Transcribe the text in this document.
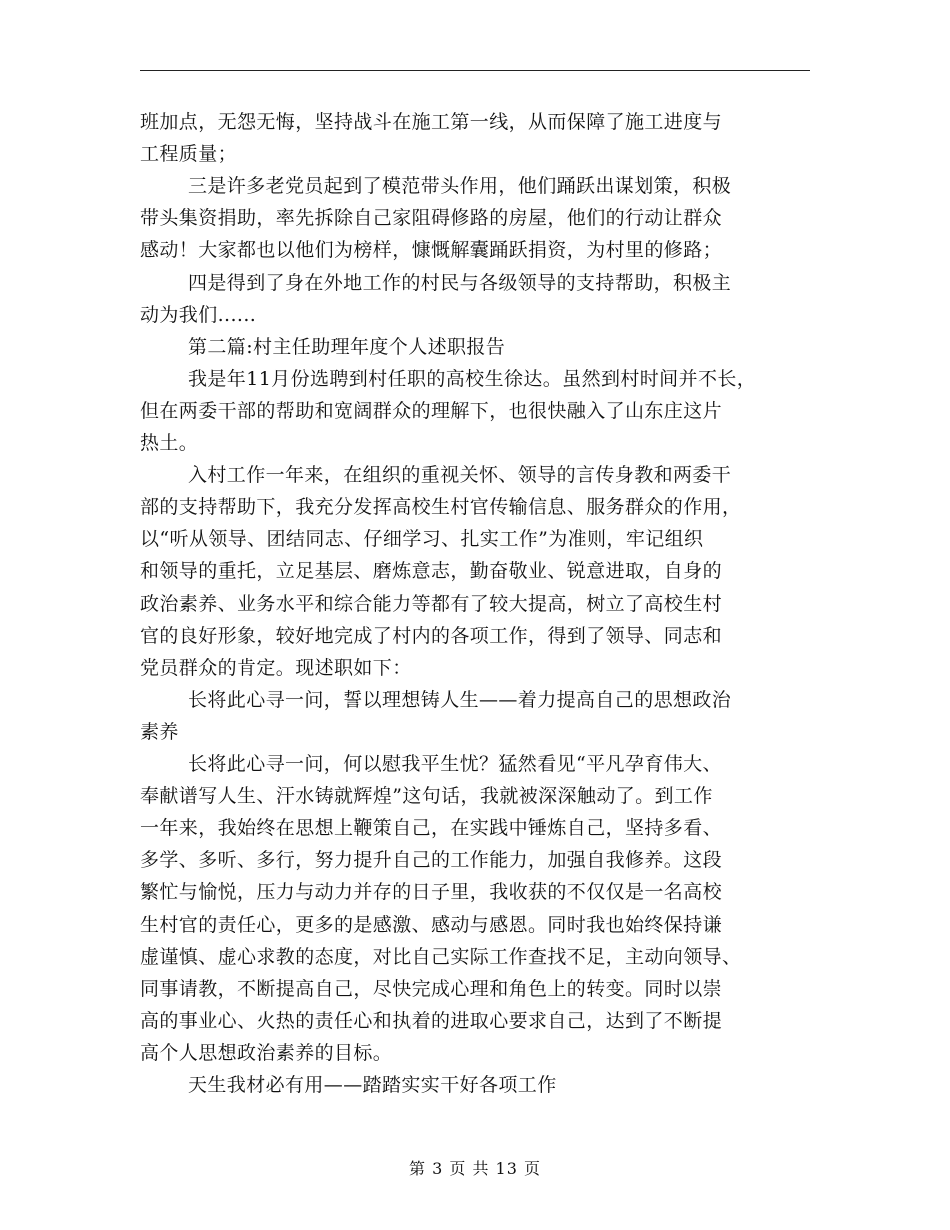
班加点，无怨无悔，坚持战斗在施工第一线，从而保障了施工进度与
工程质量；
三是许多老党员起到了模范带头作用，他们踊跃出谋划策，积极
带头集资捐助，率先拆除自己家阻碍修路的房屋，他们的行动让群众
感动！大家都也以他们为榜样，慷慨解囊踊跃捐资，为村里的修路；
四是得到了身在外地工作的村民与各级领导的支持帮助，积极主
动为我们......
第二篇:村主任助理年度个人述职报告
我是年11月份选聘到村任职的高校生徐达。虽然到村时间并不长，
但在两委干部的帮助和宽阔群众的理解下，也很快融入了山东庄这片
热土。
入村工作一年来，在组织的重视关怀、领导的言传身教和两委干
部的支持帮助下，我充分发挥高校生村官传输信息、服务群众的作用，
以“听从领导、团结同志、仔细学习、扎实工作”为准则，牢记组织
和领导的重托，立足基层、磨炼意志，勤奋敬业、锐意进取，自身的
政治素养、业务水平和综合能力等都有了较大提高，树立了高校生村
官的良好形象，较好地完成了村内的各项工作，得到了领导、同志和
党员群众的肯定。现述职如下：
长将此心寻一问，誓以理想铸人生——着力提高自己的思想政治
素养
长将此心寻一问，何以慰我平生忧？猛然看见“平凡孕育伟大、
奉献谱写人生、汗水铸就辉煌”这句话，我就被深深触动了。到工作
一年来，我始终在思想上鞭策自己，在实践中锤炼自己，坚持多看、
多学、多听、多行，努力提升自己的工作能力，加强自我修养。这段
繁忙与愉悦，压力与动力并存的日子里，我收获的不仅仅是一名高校
生村官的责任心，更多的是感激、感动与感恩。同时我也始终保持谦
虚谨慎、虚心求教的态度，对比自己实际工作查找不足，主动向领导、
同事请教，不断提高自己，尽快完成心理和角色上的转变。同时以崇
高的事业心、火热的责任心和执着的进取心要求自己，达到了不断提
高个人思想政治素养的目标。
天生我材必有用——踏踏实实干好各项工作
第 3 页 共 13 页
